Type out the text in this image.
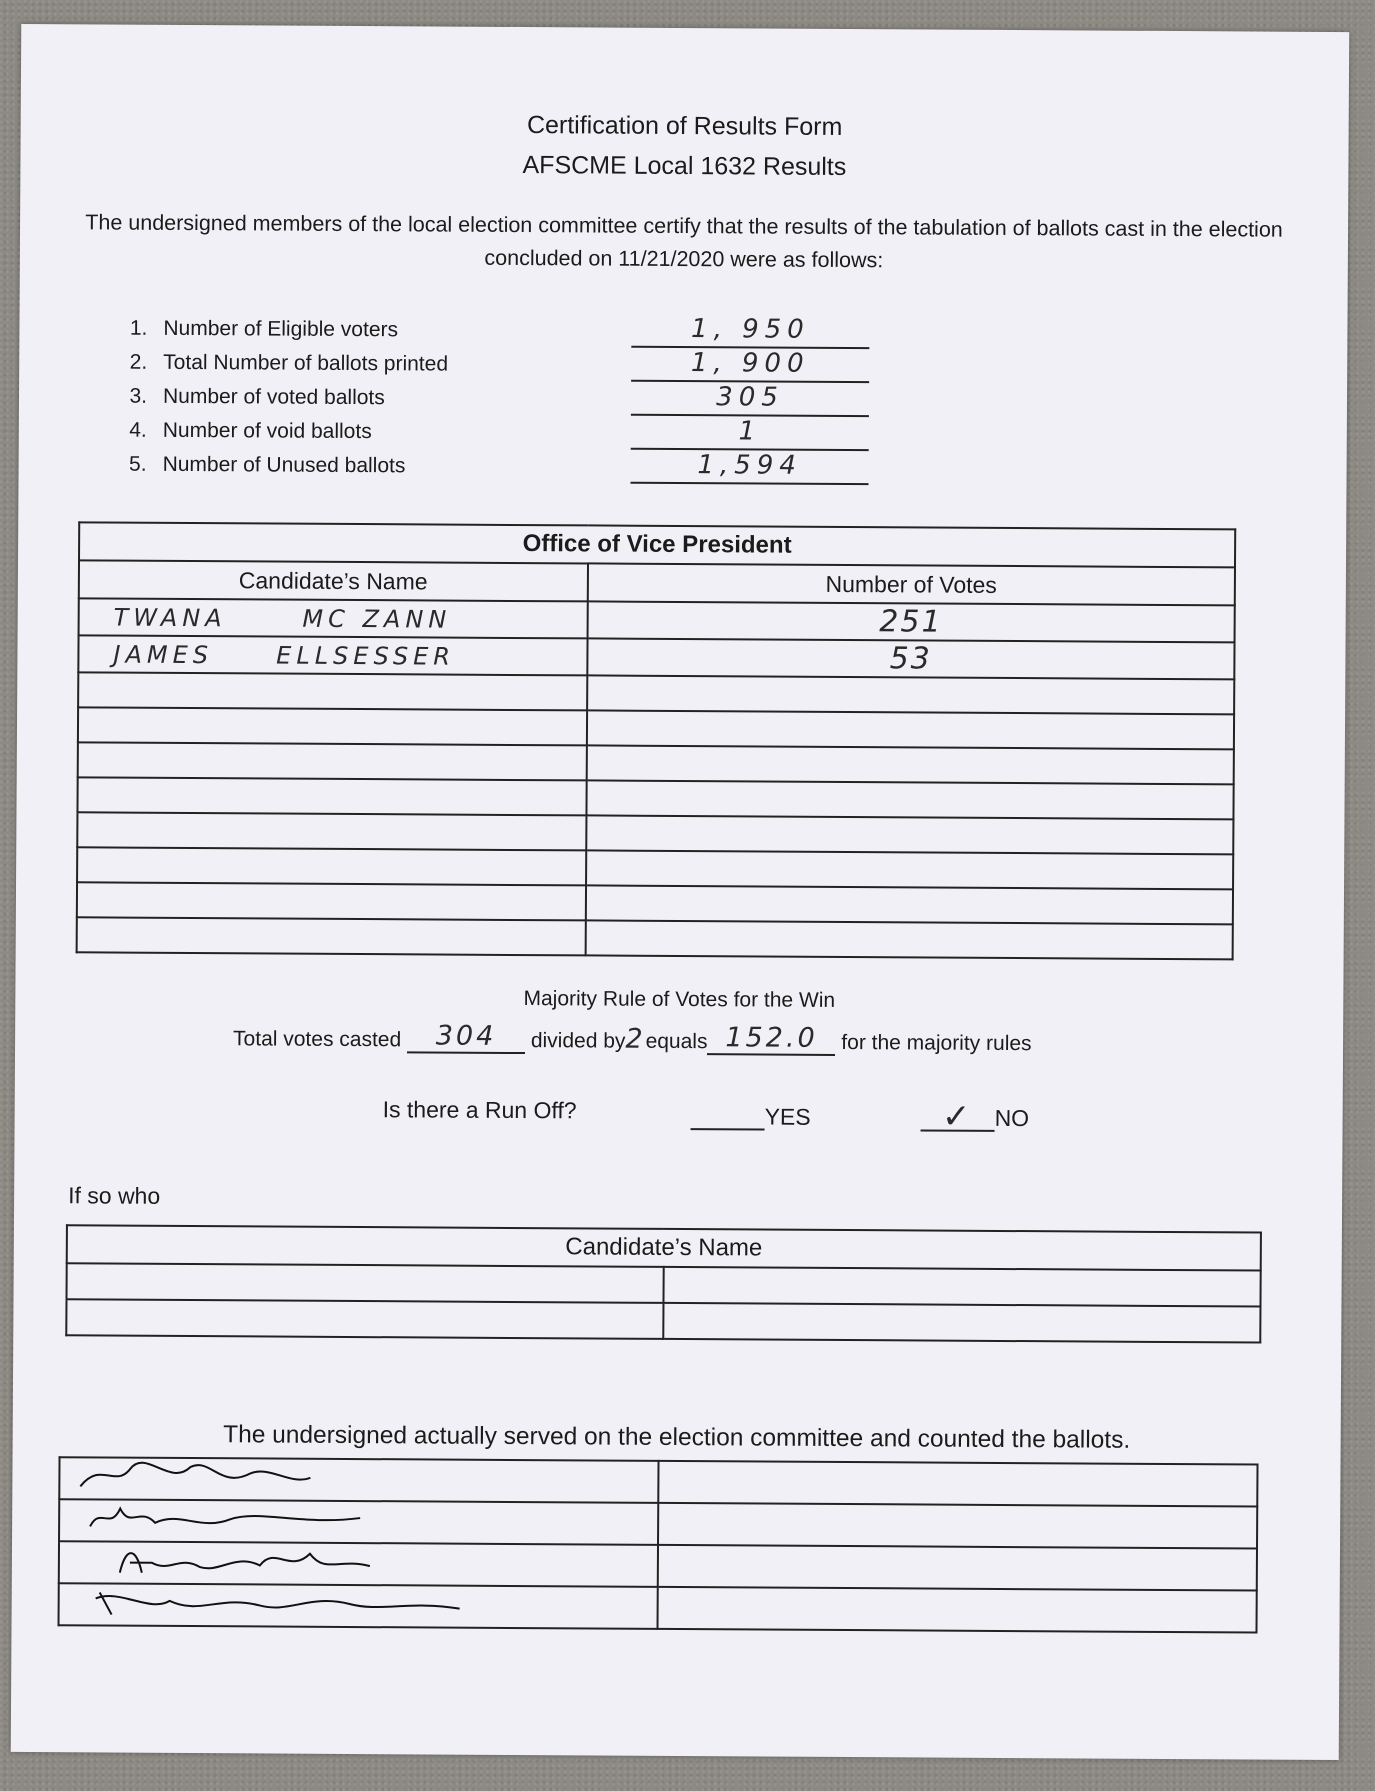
Certification of Results Form
AFSCME Local 1632 Results
The undersigned members of the local election committee certify that the results of the tabulation of ballots cast in the election concluded on 11/21/2020 were as follows:
1. Number of Eligible voters	1, 950
2. Total Number of ballots printed	1, 900
3. Number of voted ballots	305
4. Number of void ballots	1
5. Number of Unused ballots	1,594
Office of Vice President	
Candidate’s Name	Number of Votes
TWANA MC ZANN	251
JAMES ELLSESSER	53

Majority Rule of Votes for the Win
Total votes casted 304 divided by2equals 152.0 for the majority rules
Is there a Run Off?	YES	✓ NO
If so who
Candidate’s Name	

The undersigned actually served on the election committee and counted the ballots.
